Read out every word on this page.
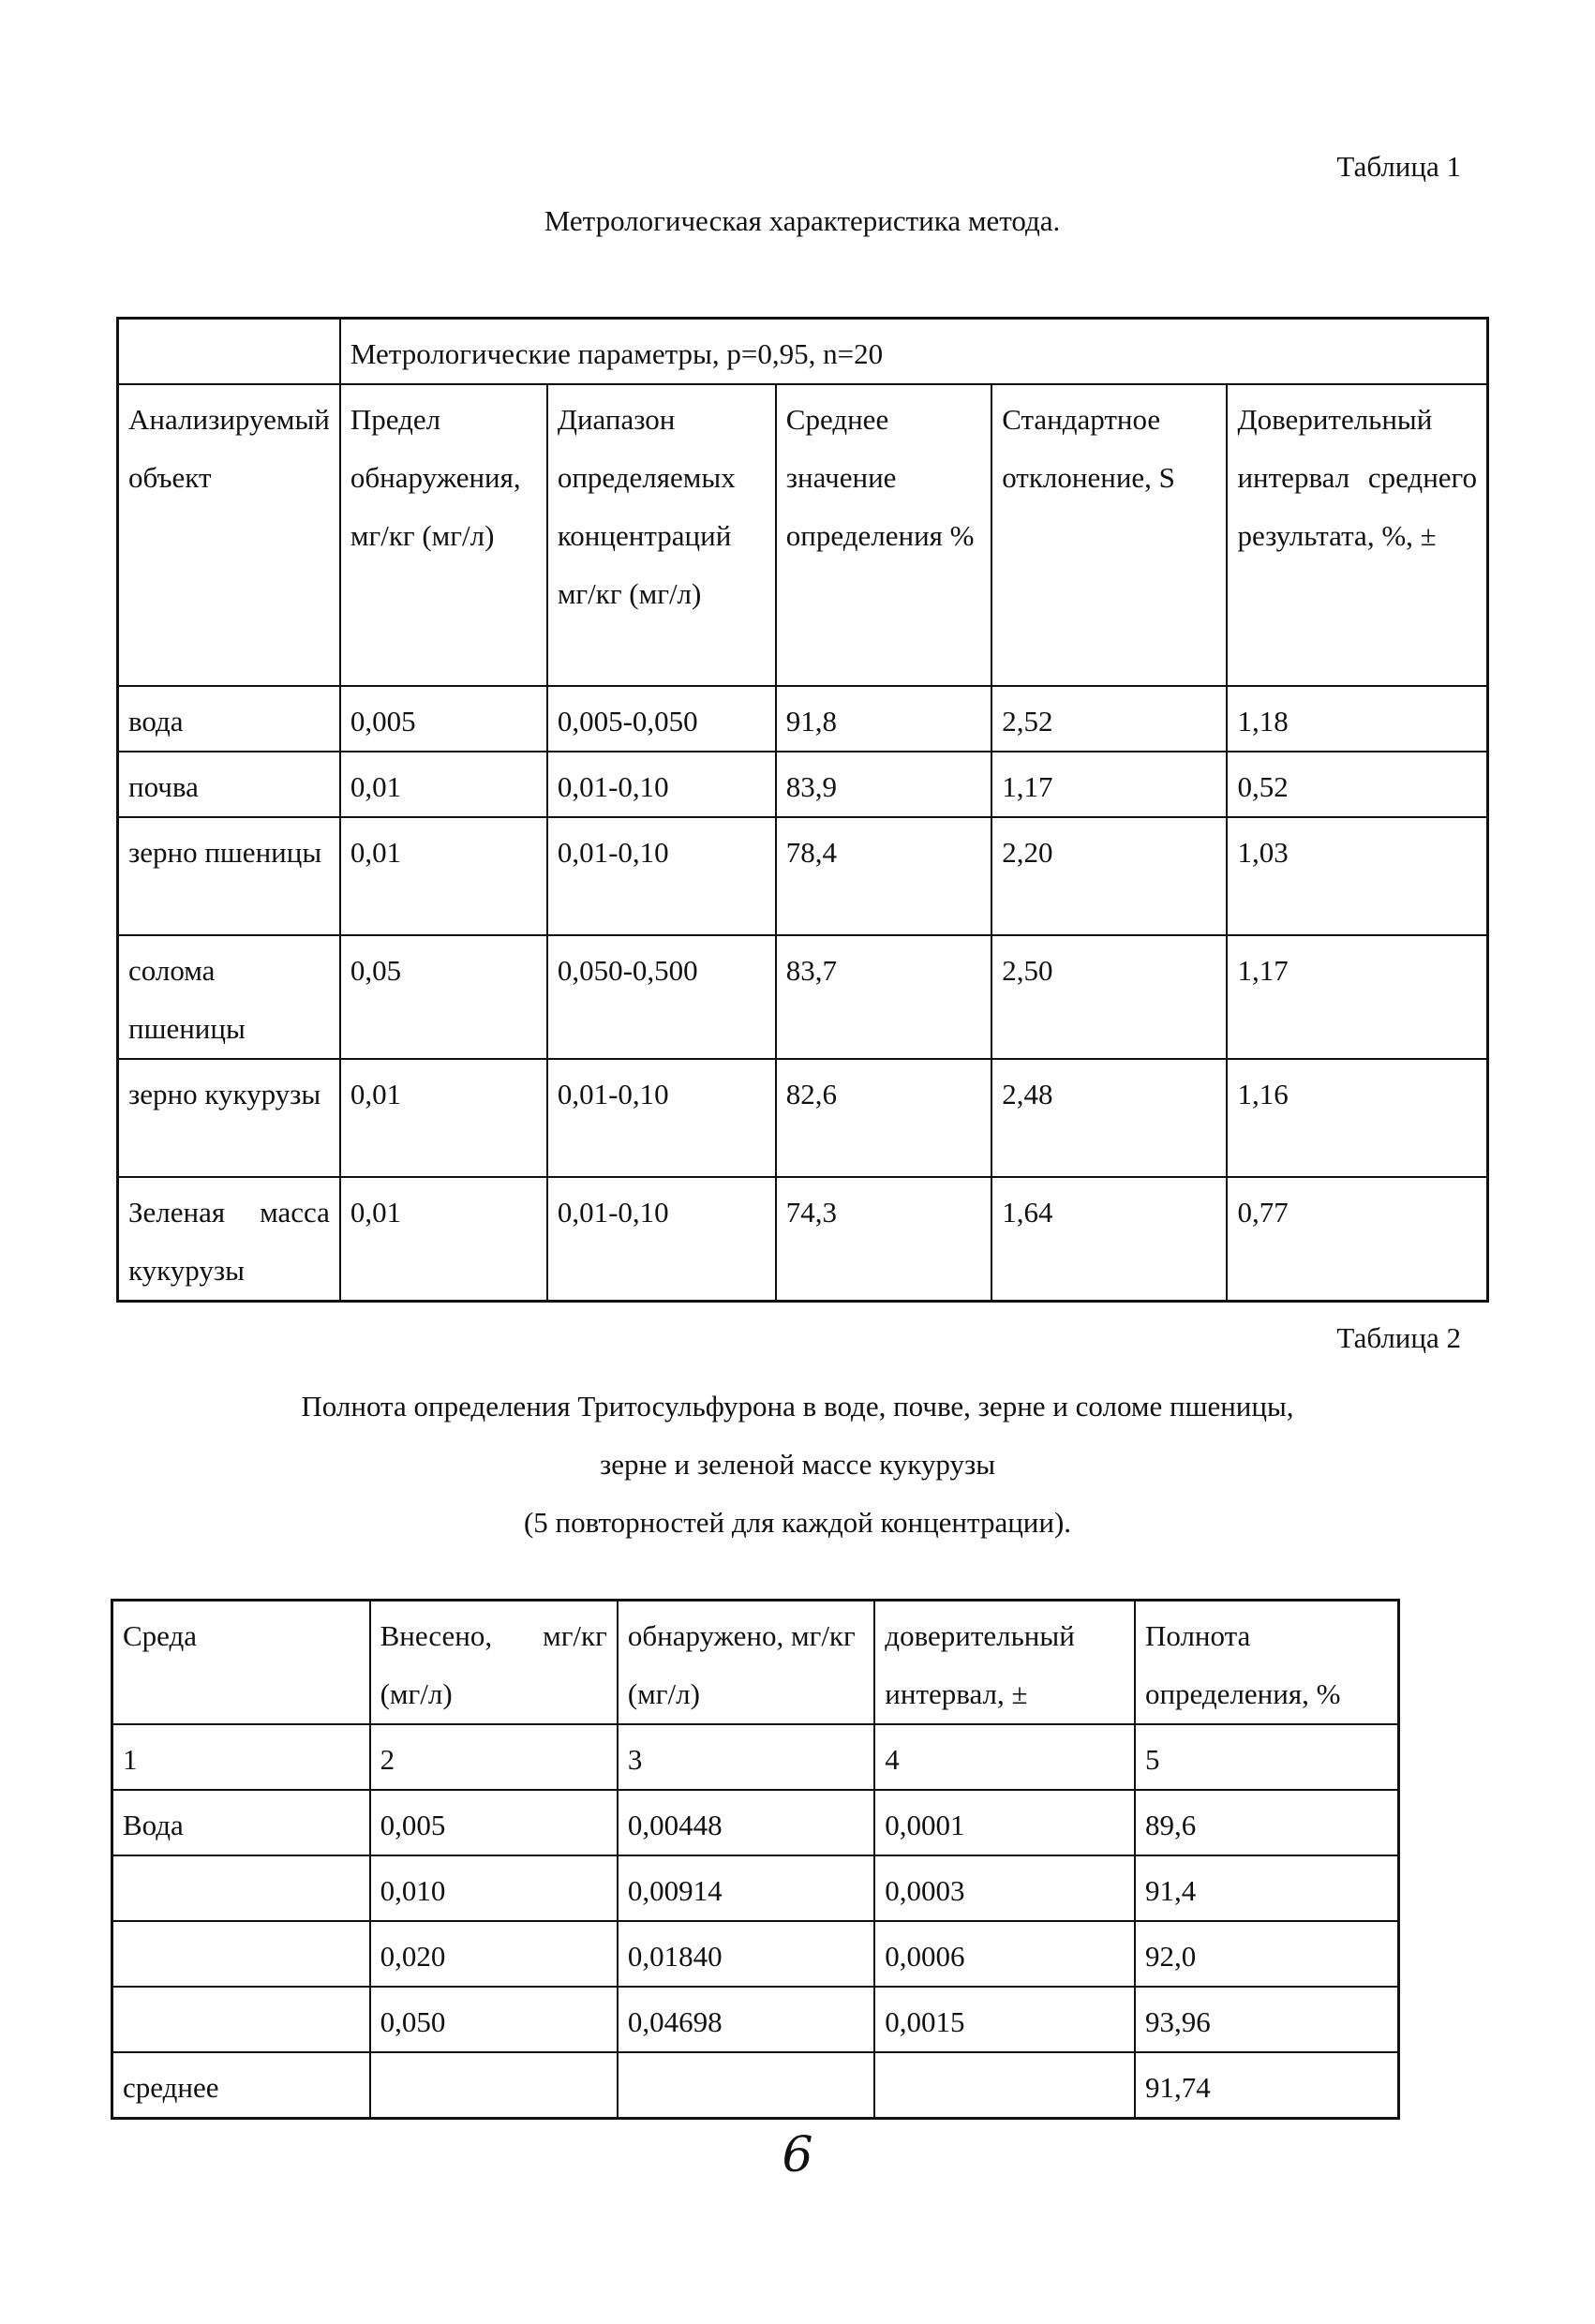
Таблица 1
Метрологическая характеристика метода.
	Метрологические параметры, p=0,95, n=20				
Анализируемый объект	Предел обнаружения, мг/кг (мг/л)	Диапазон определяемых концентраций мг/кг (мг/л)	Среднее значение определения %	Стандартное отклонение, S	Доверительный интервал среднего результата, %, ±
вода	0,005	0,005-0,050	91,8	2,52	1,18
почва	0,01	0,01-0,10	83,9	1,17	0,52
зерно пшеницы	0,01	0,01-0,10	78,4	2,20	1,03
солома пшеницы	0,05	0,050-0,500	83,7	2,50	1,17
зерно кукурузы	0,01	0,01-0,10	82,6	2,48	1,16
Зеленая масса кукурузы	0,01	0,01-0,10	74,3	1,64	0,77
Таблица 2
Полнота определения Тритосульфурона в воде, почве, зерне и соломе пшеницы,
зерне и зеленой массе кукурузы
(5 повторностей для каждой концентрации).
Среда	Внесено, мг/кг (мг/л)	обнаружено, мг/кг (мг/л)	доверительный интервал, ±	Полнота определения, %
1	2	3	4	5
Вода	0,005	0,00448	0,0001	89,6
	0,010	0,00914	0,0003	91,4
	0,020	0,01840	0,0006	92,0
	0,050	0,04698	0,0015	93,96
среднее				91,74
6
